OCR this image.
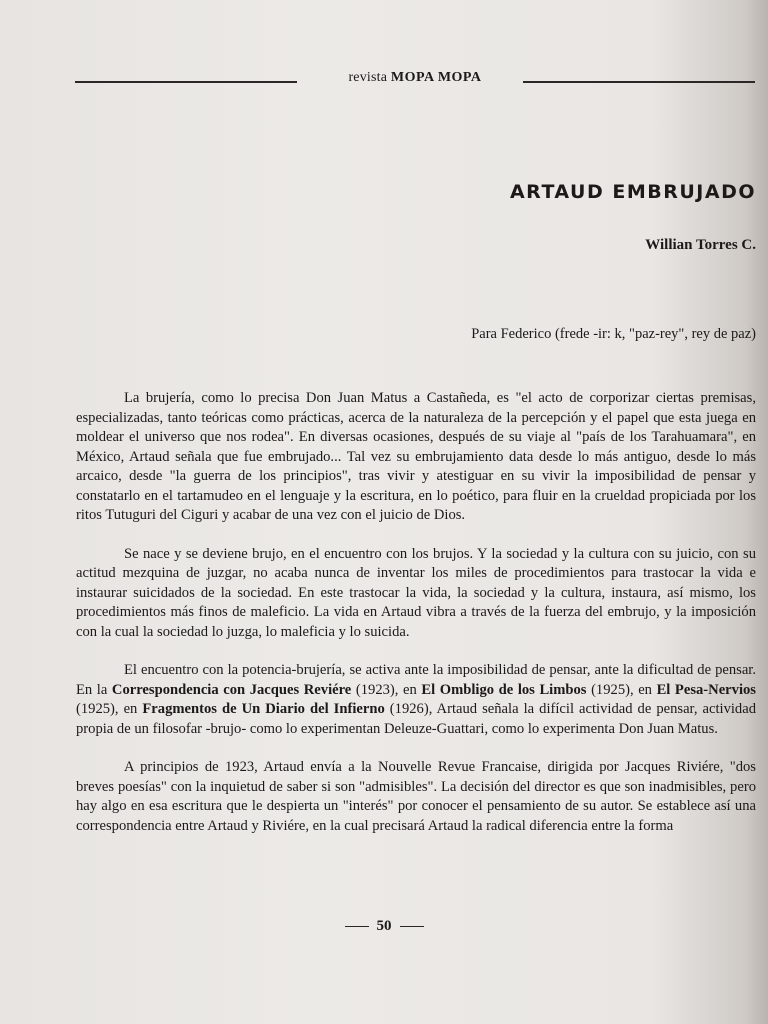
revista MOPA MOPA
ARTAUD EMBRUJADO
Willian Torres C.
Para Federico (frede -ir: k, "paz-rey", rey de paz)

La brujería, como lo precisa Don Juan Matus a Castañeda, es "el acto de corporizar ciertas premisas, especializadas, tanto teóricas como prácticas, acerca de la naturaleza de la percepción y el papel que esta juega en moldear el universo que nos rodea". En diversas ocasiones, después de su viaje al "país de los Tarahuamara", en México, Artaud señala que fue embrujado... Tal vez su embrujamiento data desde lo más antiguo, desde lo más arcaico, desde "la guerra de los principios", tras vivir y atestiguar en su vivir la imposibilidad de pensar y constatarlo en el tartamudeo en el lenguaje y la escritura, en lo poético, para fluir en la crueldad propiciada por los ritos Tutuguri del Ciguri y acabar de una vez con el juicio de Dios.

Se nace y se deviene brujo, en el encuentro con los brujos. Y la sociedad y la cultura con su juicio, con su actitud mezquina de juzgar, no acaba nunca de inventar los miles de procedimientos para trastocar la vida e instaurar suicidados de la sociedad. En este trastocar la vida, la sociedad y la cultura, instaura, así mismo, los procedimientos más finos de maleficio. La vida en Artaud vibra a través de la fuerza del embrujo, y la imposición con la cual la sociedad lo juzga, lo maleficia y lo suicida.

El encuentro con la potencia-brujería, se activa ante la imposibilidad de pensar, ante la dificultad de pensar. En la Correspondencia con Jacques Reviére (1923), en El Ombligo de los Limbos (1925), en El Pesa-Nervios (1925), en Fragmentos de Un Diario del Infierno (1926), Artaud señala la difícil actividad de pensar, actividad propia de un filosofar -brujo- como lo experimentan Deleuze-Guattari, como lo experimenta Don Juan Matus.

A principios de 1923, Artaud envía a la Nouvelle Revue Francaise, dirigida por Jacques Riviére, "dos breves poesías" con la inquietud de saber si son "admisibles". La decisión del director es que son inadmisibles, pero hay algo en esa escritura que le despierta un "interés" por conocer el pensamiento de su autor. Se establece así una correspondencia entre Artaud y Riviére, en la cual precisará Artaud la radical diferencia entre la forma

50
